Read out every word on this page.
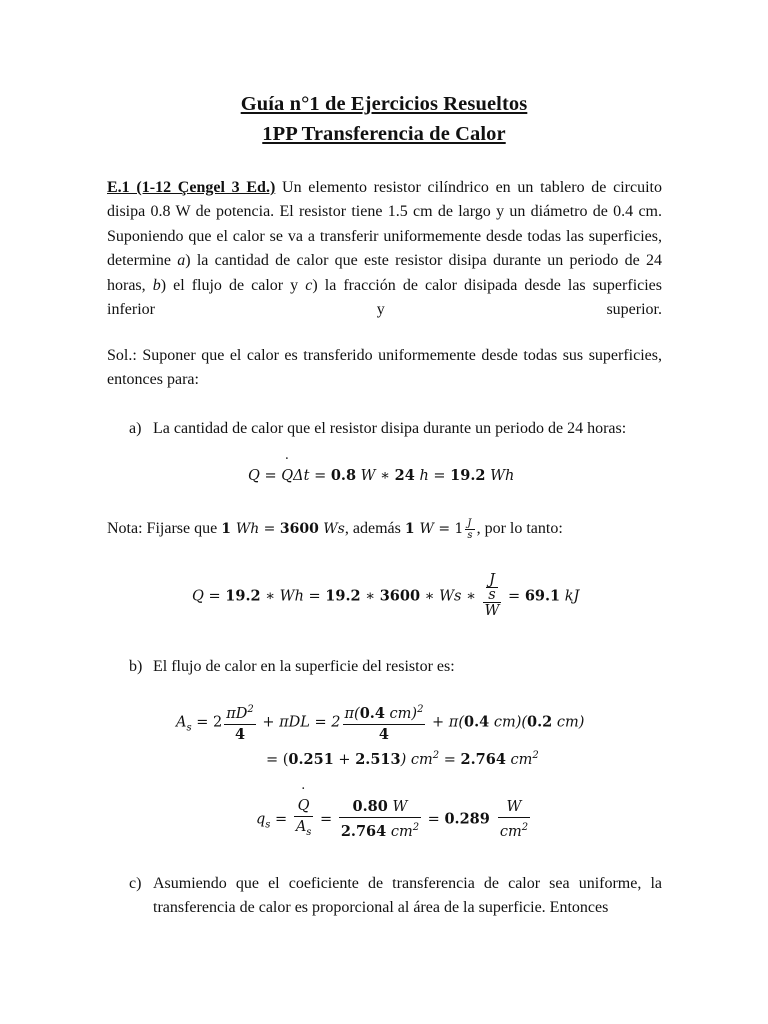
Guía n°1 de Ejercicios Resueltos
1PP Transferencia de Calor
E.1 (1-12 Çengel 3 Ed.) Un elemento resistor cilíndrico en un tablero de circuito disipa 0.8 W de potencia. El resistor tiene 1.5 cm de largo y un diámetro de 0.4 cm. Suponiendo que el calor se va a transferir uniformemente desde todas las superficies, determine a) la cantidad de calor que este resistor disipa durante un periodo de 24 horas, b) el flujo de calor y c) la fracción de calor disipada desde las superficies inferior y superior.
Sol.: Suponer que el calor es transferido uniformemente desde todas sus superficies, entonces para:
a) La cantidad de calor que el resistor disipa durante un periodo de 24 horas:
Q = ˙ QΔt = 0.8 W ∗ 24 h = 19.2 Wh
Nota: Fijarse que 1 Wh = 3600 Ws, además 1 $W = 1 \frac{J}{s}$ , por lo tanto:
Q = 19.2 ∗ Wh = 19.2 ∗ 3600 ∗ Ws ∗ $\frac{\frac{J}{s}}{W} = 69.1$ kJ
b) El flujo de calor en la superficie del resistor es:
$A_s = 2 \frac{\pi D^2}{4} + \pi DL = 2 \frac{\pi(0.4 cm)^2}{4} + \pi(0.4$ cm)(0.2 cm)
= (0.251 + 2.513) $cm^2 = 2.764$ $cm^2$
$q_s$ =
˙ $\frac{Q}{A_s} = \frac{0.80 W}{2.764 cm^2} = 0.289 \frac{W}{cm^2}$
c) Asumiendo que el coeficiente de transferencia de calor sea uniforme, la transferencia de calor es proporcional al área de la superficie. Entonces
